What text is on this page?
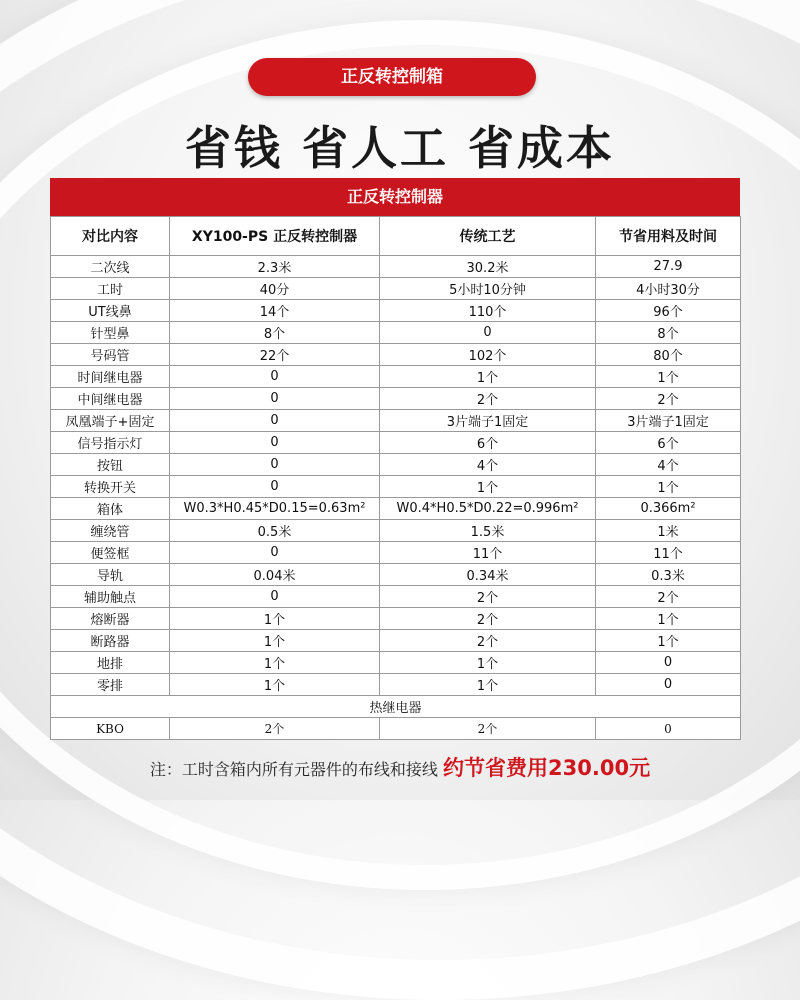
正反转控制箱
省钱 省人工 省成本
正反转控制器
对比内容	XY100-PS 正反转控制器	传统工艺	节省用料及时间
二次线	2.3米	30.2米	27.9
工时	40分	5小时10分钟	4小时30分
UT线鼻	14个	110个	96个
针型鼻	8个	0	8个
号码管	22个	102个	80个
时间继电器	0	1个	1个
中间继电器	0	2个	2个
凤凰端子+固定	0	3片端子1固定	3片端子1固定
信号指示灯	0	6个	6个
按钮	0	4个	4个
转换开关	0	1个	1个
箱体	W0.3*H0.45*D0.15=0.63m²	W0.4*H0.5*D0.22=0.996m²	0.366m²
缠绕管	0.5米	1.5米	1米
便签框	0	11个	11个
导轨	0.04米	0.34米	0.3米
辅助触点	0	2个	2个
熔断器	1个	2个	1个
断路器	1个	2个	1个
地排	1个	1个	0
零排	1个	1个	0
热继电器			
KBO	2个	2个	0
注：工时含箱内所有元器件的布线和接线 约节省费用230.00元
